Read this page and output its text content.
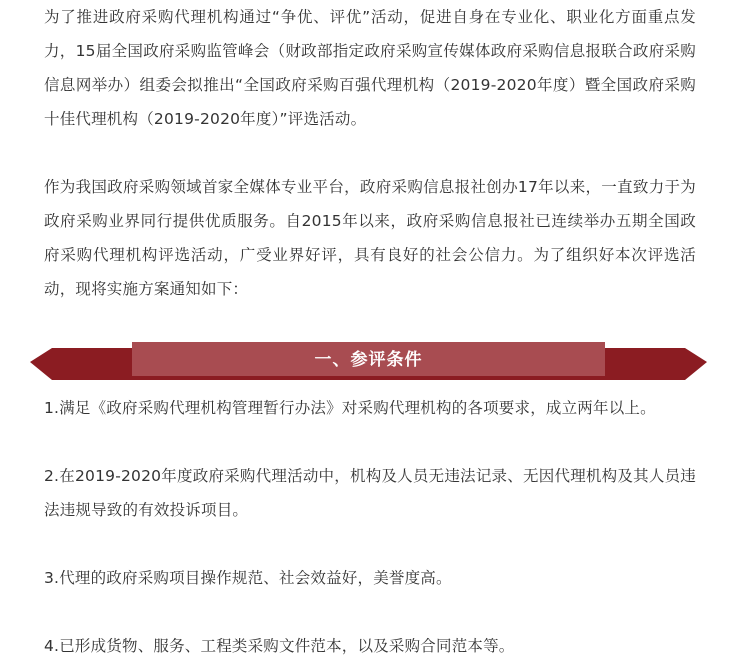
为了推进政府采购代理机构通过“争优、评优”活动，促进自身在专业化、职业化方面重点发力，15届全国政府采购监管峰会（财政部指定政府采购宣传媒体政府采购信息报联合政府采购信息网举办）组委会拟推出“全国政府采购百强代理机构（2019-2020年度）暨全国政府采购十佳代理机构（2019-2020年度）”评选活动。

作为我国政府采购领域首家全媒体专业平台，政府采购信息报社创办17年以来，一直致力于为政府采购业界同行提供优质服务。自2015年以来，政府采购信息报社已连续举办五期全国政府采购代理机构评选活动，广受业界好评，具有良好的社会公信力。为了组织好本次评选活动，现将实施方案通知如下：

一、参评条件

1.满足《政府采购代理机构管理暂行办法》对采购代理机构的各项要求，成立两年以上。

2.在2019-2020年度政府采购代理活动中，机构及人员无违法记录、无因代理机构及其人员违法违规导致的有效投诉项目。

3.代理的政府采购项目操作规范、社会效益好，美誉度高。

4.已形成货物、服务、工程类采购文件范本，以及采购合同范本等。
